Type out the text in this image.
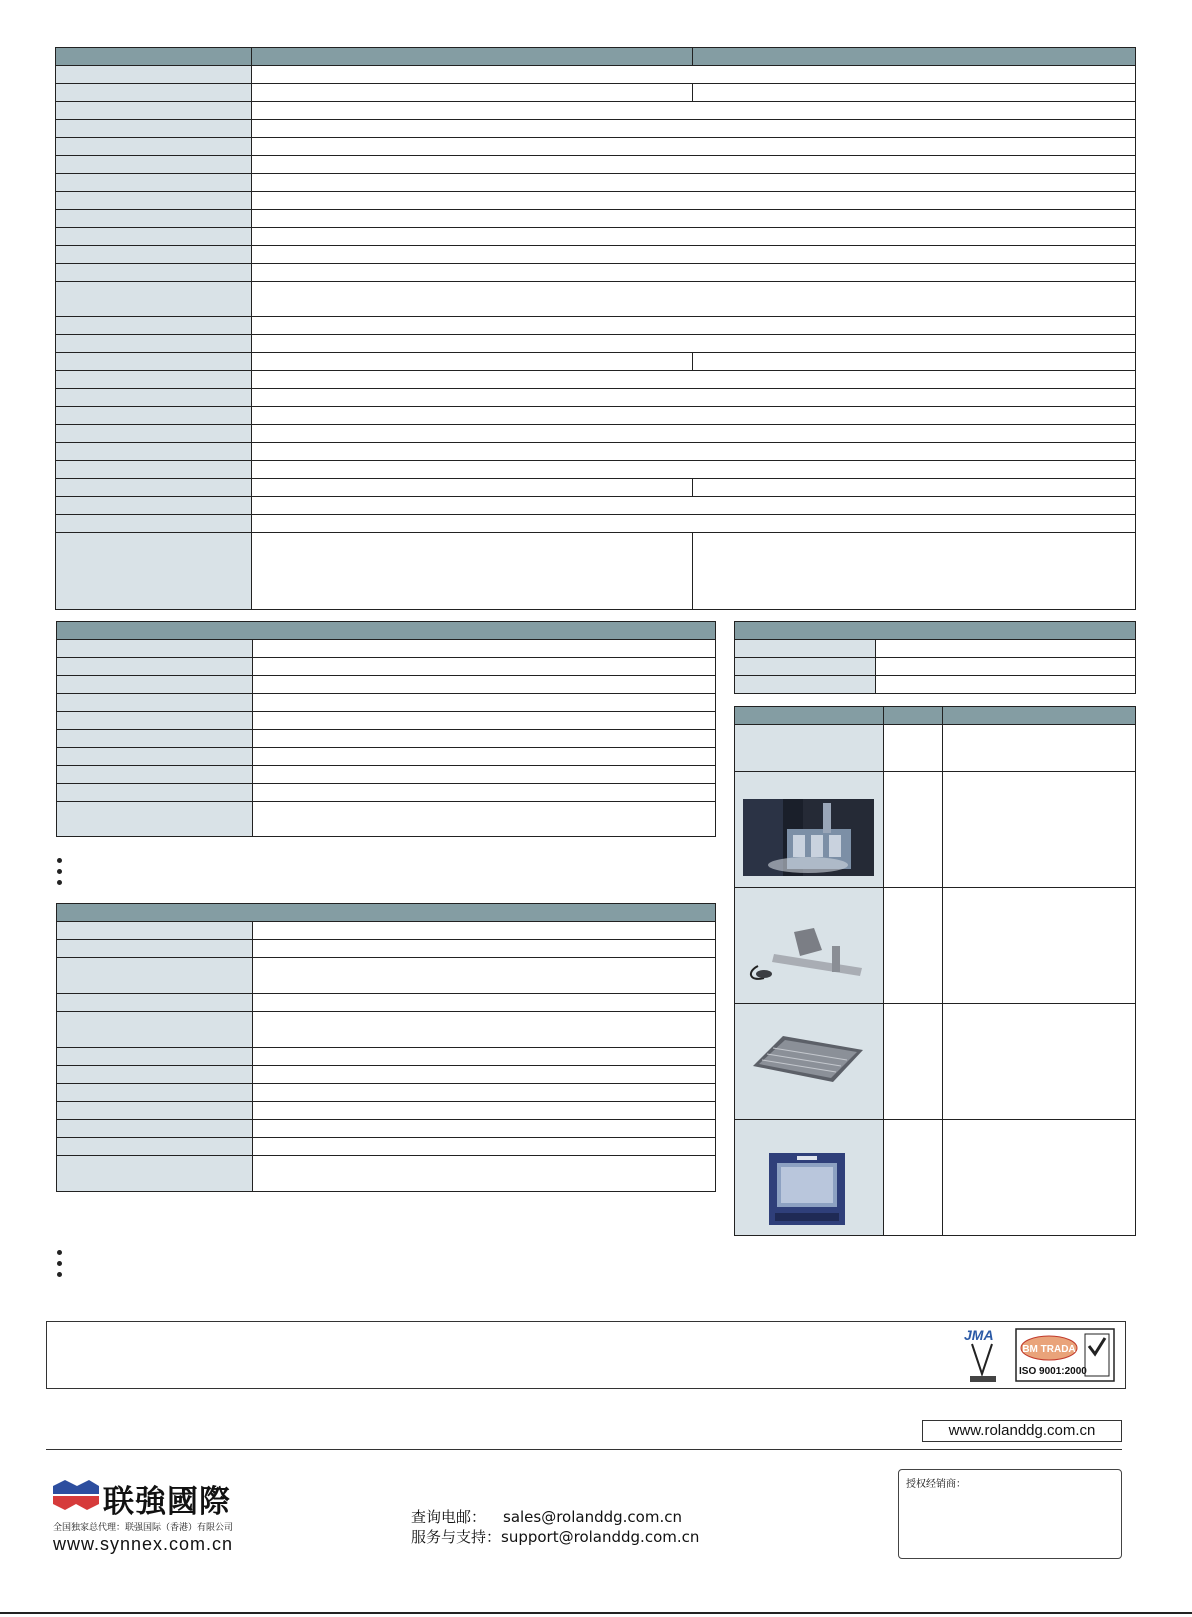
JMA
BM TRADA
ISO 9001:2000
www.rolanddg.com.cn
联強國際
全国独家总代理：联强国际（香港）有限公司
www.synnex.com.cn
查询电邮： sales@rolanddg.com.cn
服务与支持：support@rolanddg.com.cn
授权经销商：
